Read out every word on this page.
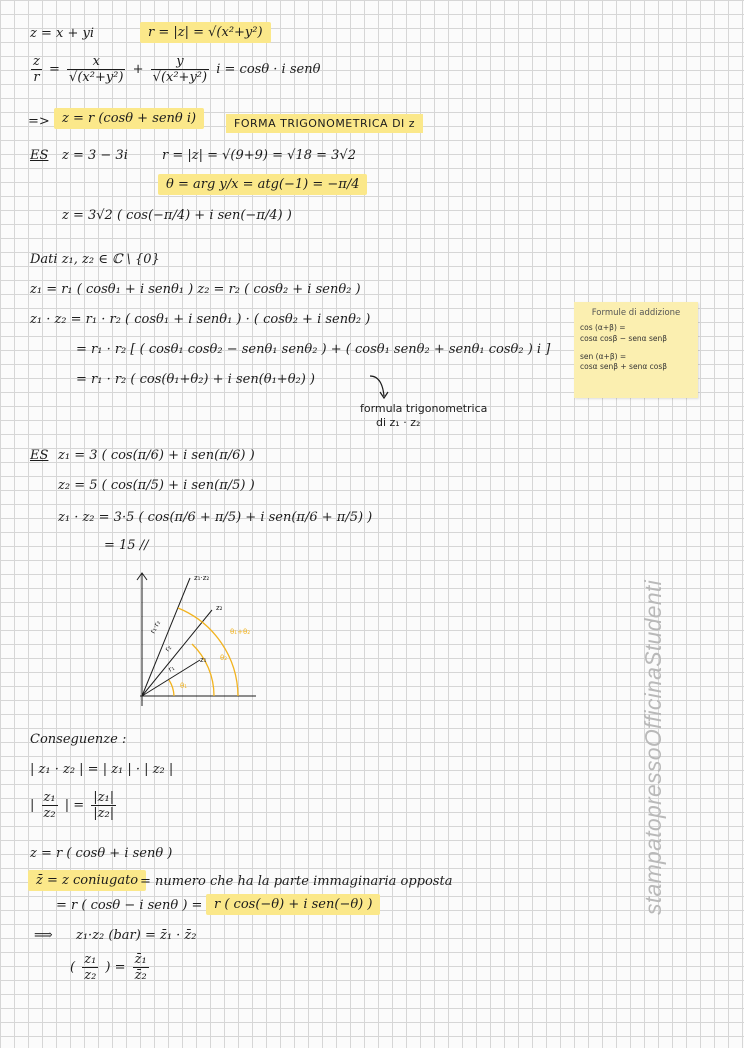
z = x + yi	r = |z| = √(x²+y²)
$\frac{z}{r} = \frac{x}{\text{√(x²+y²)}} + \frac{y}{\text{√(x²+y²)}}$ i = cosθ · i senθ
=> z = r (cosθ + senθ i)	FORMA TRIGONOMETRICA DI z
ES z = 3 − 3i	r = |z| = √(9+9) = √18 = 3√2
θ = arg y/x = atg(−1) = −π/4
z = 3√2 ( cos(−π/4) + i sen(−π/4) )
Dati z₁, z₂ ∈ ℂ \ {0}
z₁ = r₁ ( cosθ₁ + i senθ₁ ) z₂ = r₂ ( cosθ₂ + i senθ₂ )
z₁ · z₂ = r₁ · r₂ ( cosθ₁ + i senθ₁ ) · ( cosθ₂ + i senθ₂ )
= r₁ · r₂ [ ( cosθ₁ cosθ₂ − senθ₁ senθ₂ ) + ( cosθ₁ senθ₂ + senθ₁ cosθ₂ ) i ]
= r₁ · r₂ ( cos(θ₁+θ₂) + i sen(θ₁+θ₂) )
formula trigonometrica
di z₁ · z₂
Formule di addizione
cos (α+β) =
cosα cosβ − senα senβ
sen (α+β) =
cosα senβ + senα cosβ
ES z₁ = 3 ( cos(π/6) + i sen(π/6) )
z₂ = 5 ( cos(π/5) + i sen(π/5) )
z₁ · z₂ = 3·5 ( cos(π/6 + π/5) + i sen(π/6 + π/5) )
= 15 //
z₁·z₂
z₂
z₁
r₁·r₂
r₂
r₁
θ₁+θ₂
θ₂
θ₁
Conseguenze :
| z₁ · z₂ | = | z₁ | · | z₂ |
| $\frac{\text{z₁}}{\text{z₂}}$ | = $\frac{\text{|z₁|}}{\text{|z₂|}}$
z = r ( cosθ + i senθ )
z̄ = z coniugato = numero che ha la parte immaginaria opposta
= r ( cosθ − i senθ ) = r ( cos(−θ) + i sen(−θ) )
⟹ z₁·z₂ (bar) = z̄₁ · z̄₂
( $\frac{\text{z₁}}{\text{z₂}}$ ) = $\frac{\text{z̄₁}}{\text{z̄₂}}$
stampatopressoOfficinaStudenti
